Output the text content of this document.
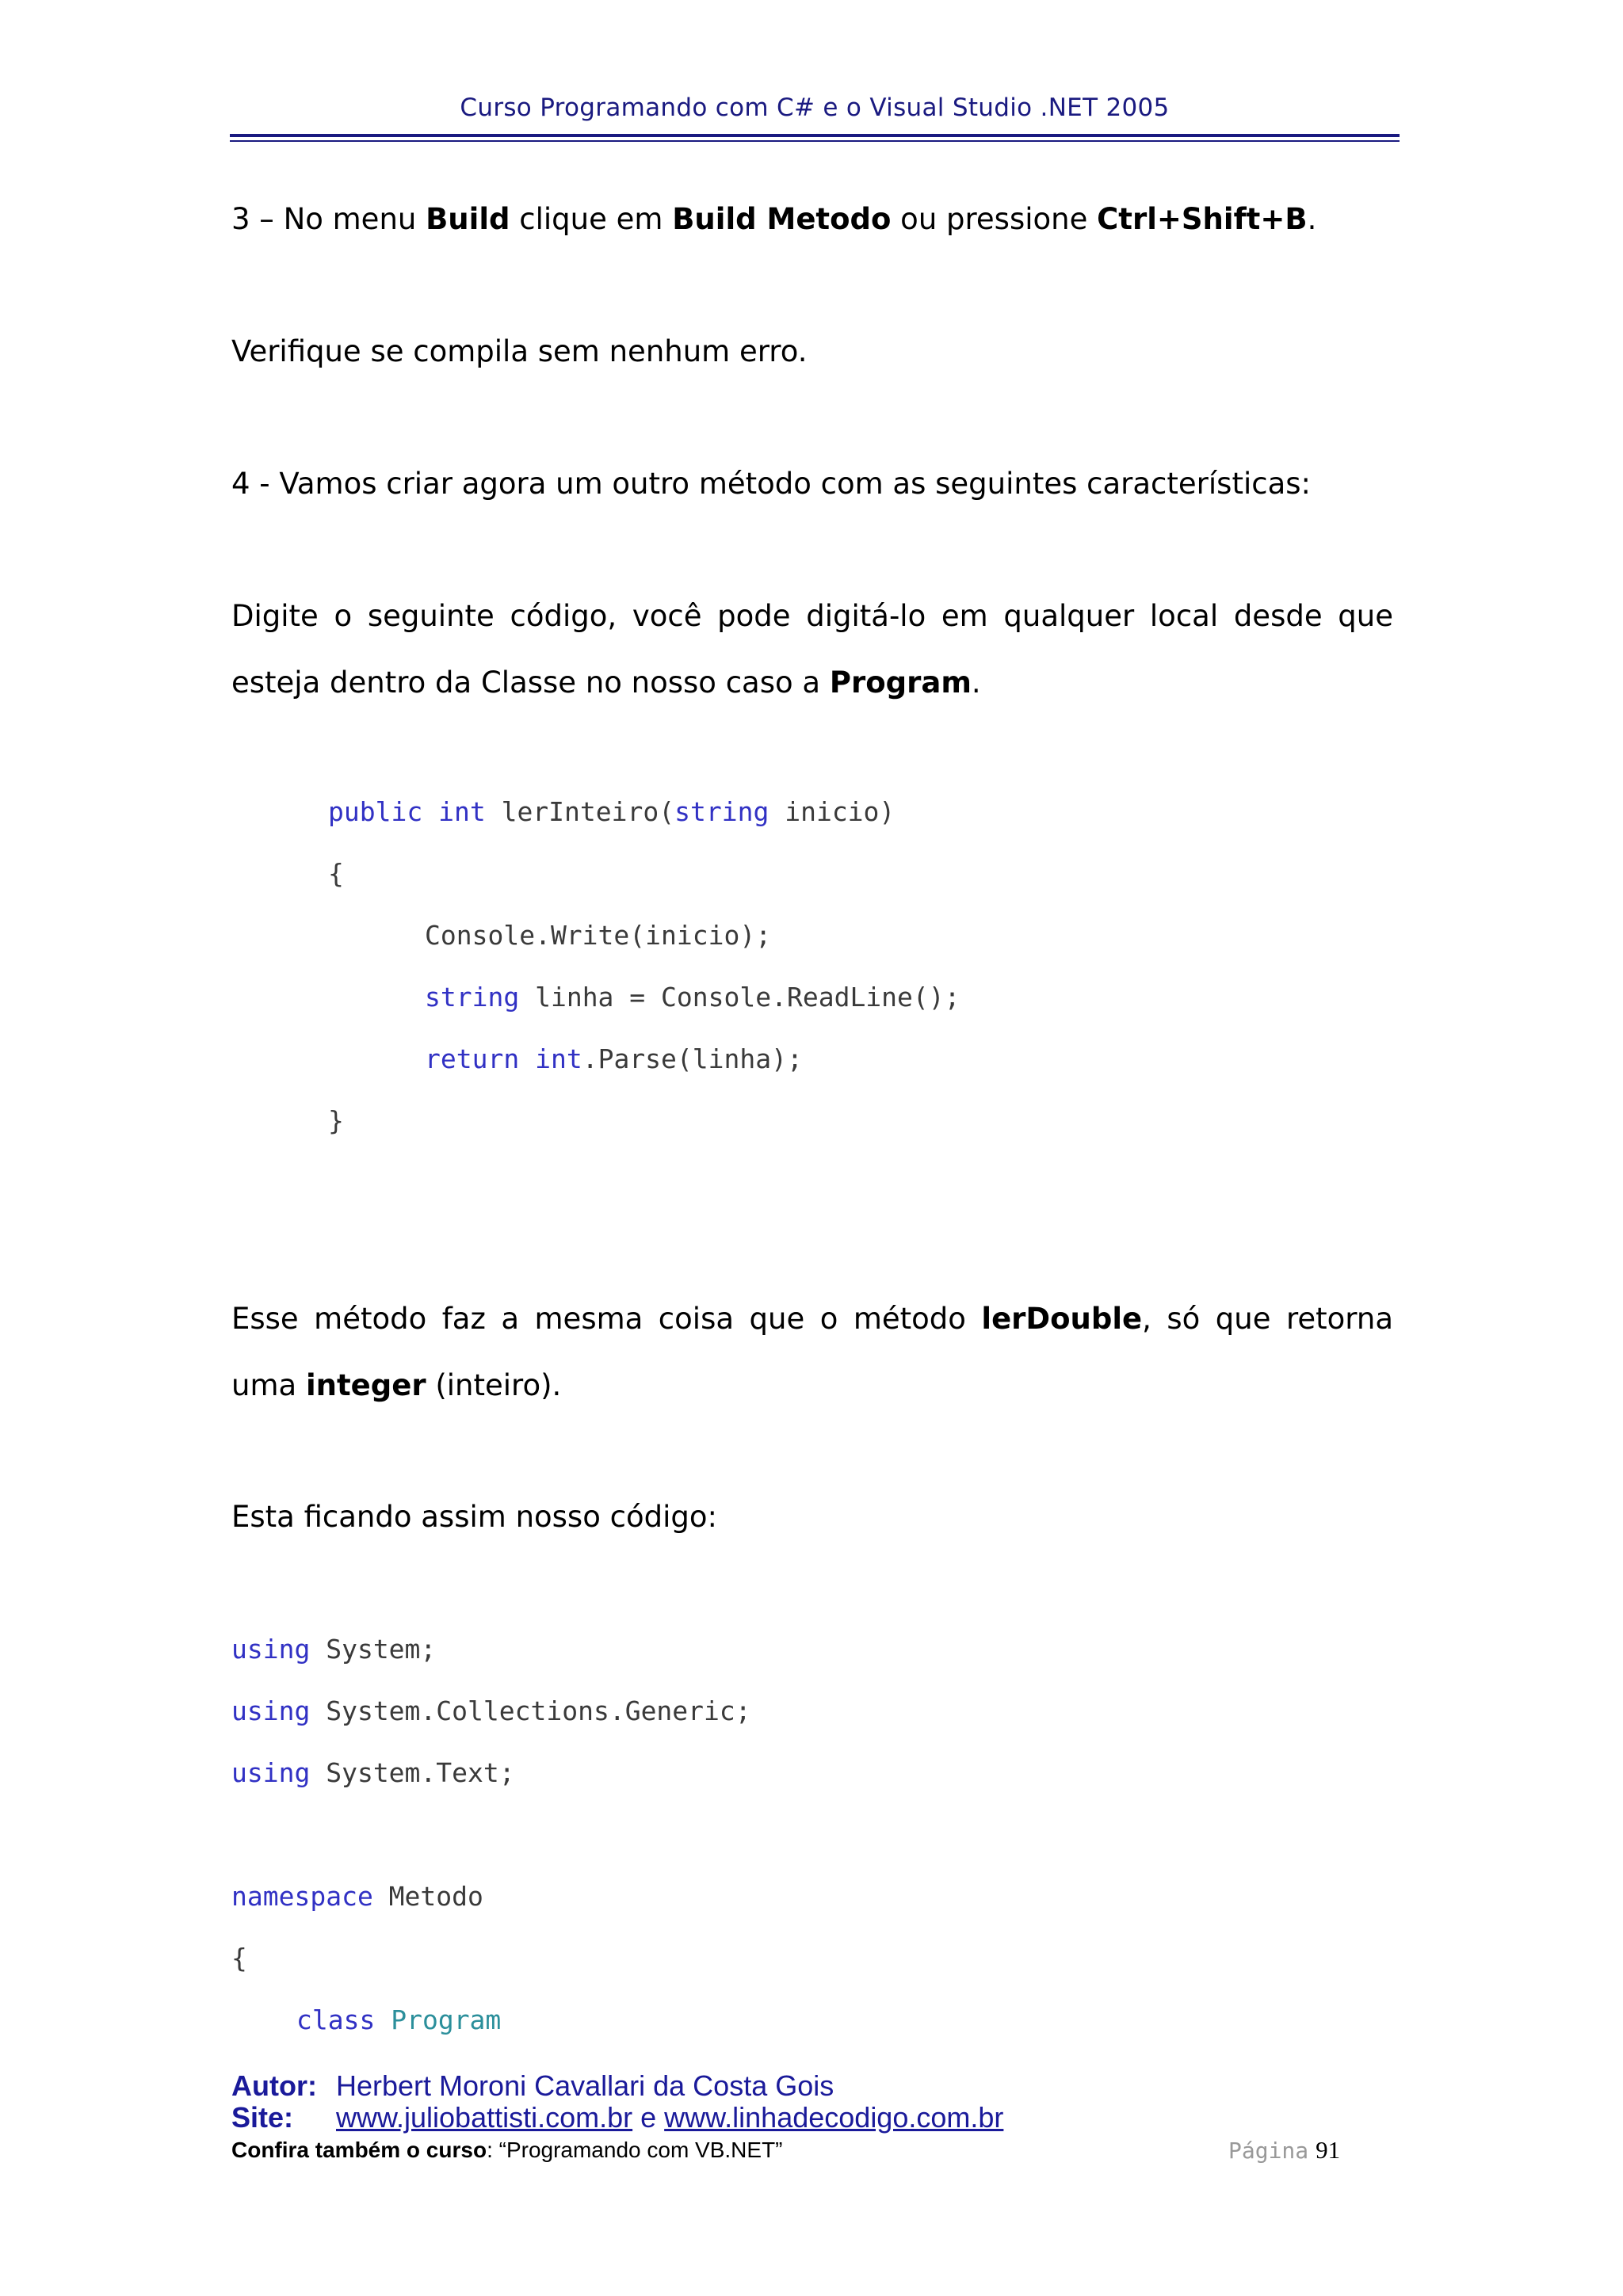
Curso Programando com C# e o Visual Studio .NET 2005
3 – No menu Build clique em Build Metodo ou pressione Ctrl+Shift+B.
Verifique se compila sem nenhum erro.
4 - Vamos criar agora um outro método com as seguintes características:
Digite o seguinte código, você pode digitá-lo em qualquer local desde que esteja dentro da Classe no nosso caso a Program.
public int lerInteiro(string inicio)
{
Console.Write(inicio);
string linha = Console.ReadLine();
return int.Parse(linha);
}
Esse método faz a mesma coisa que o método lerDouble, só que retorna uma integer (inteiro).
Esta ficando assim nosso código:
using System;
using System.Collections.Generic;
using System.Text;
namespace Metodo
{
class Program
Autor: Herbert Moroni Cavallari da Costa Gois
Site: www.juliobattisti.com.br e www.linhadecodigo.com.br
Confira também o curso: “Programando com VB.NET”	Página 91
